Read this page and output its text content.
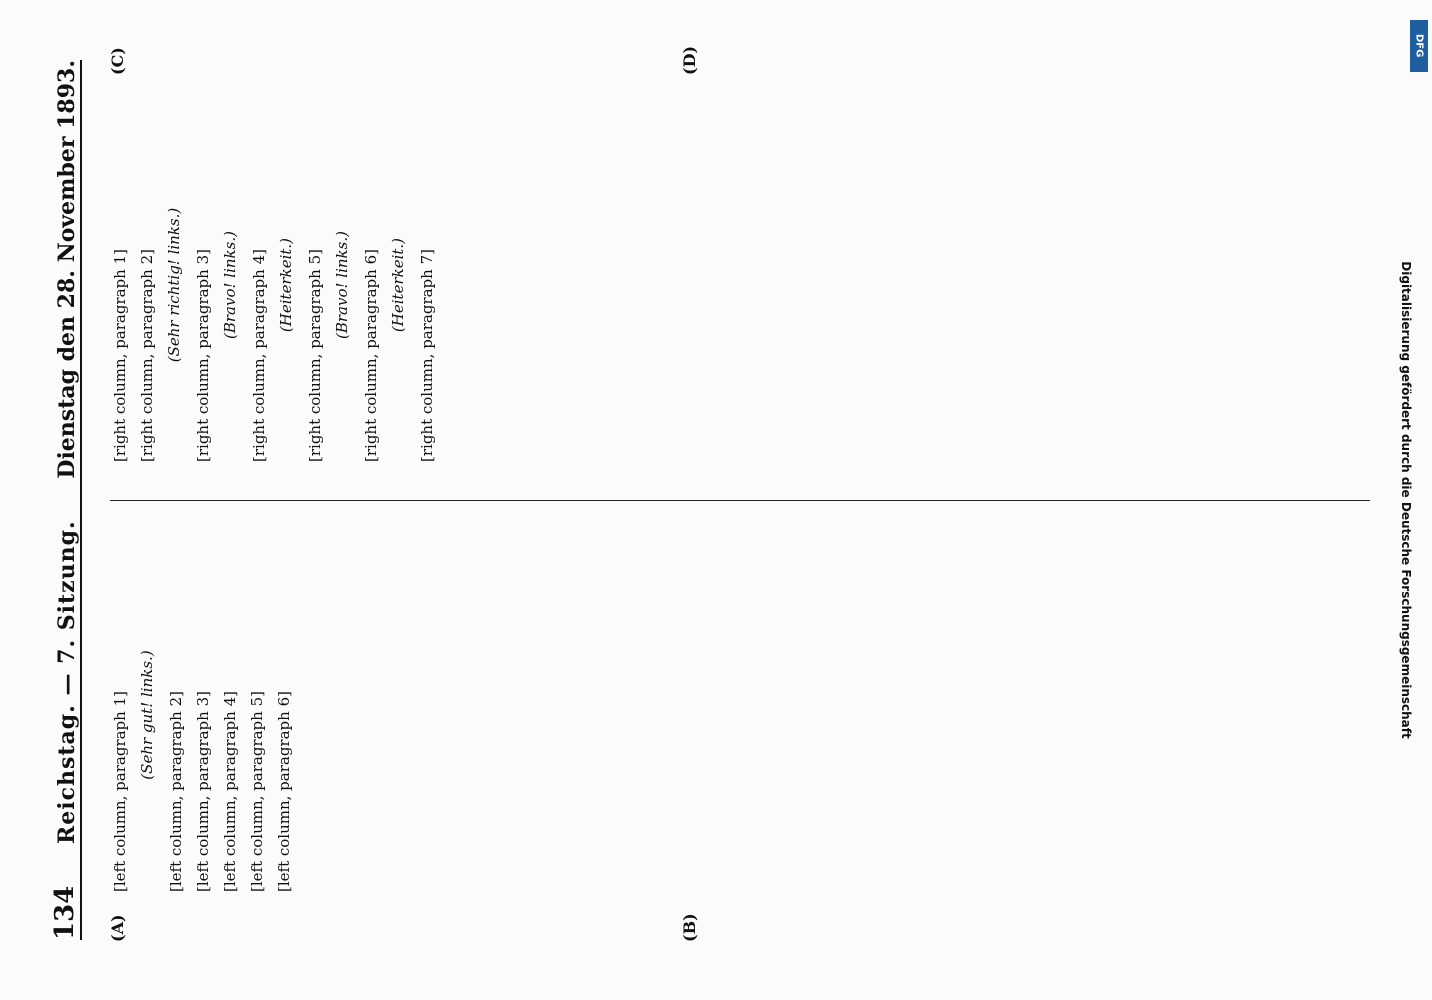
134
Reichstag. — 7. Sitzung.
Dienstag den 28. November 1893.
(A)	(B)
(C)	(D)

[left column, paragraph 1] (Sehr gut! links.) [left column, paragraph 2] [left column, paragraph 3] [left column, paragraph 4] [left column, paragraph 5] [left column, paragraph 6]

[right column, paragraph 1] [right column, paragraph 2] (Sehr richtig! links.) [right column, paragraph 3] (Bravo! links.) [right column, paragraph 4] (Heiterkeit.) [right column, paragraph 5] (Bravo! links.) [right column, paragraph 6] (Heiterkeit.) [right column, paragraph 7]	Digitalisierung gefördert durch die Deutsche Forschungsgemeinschaft
DFG
